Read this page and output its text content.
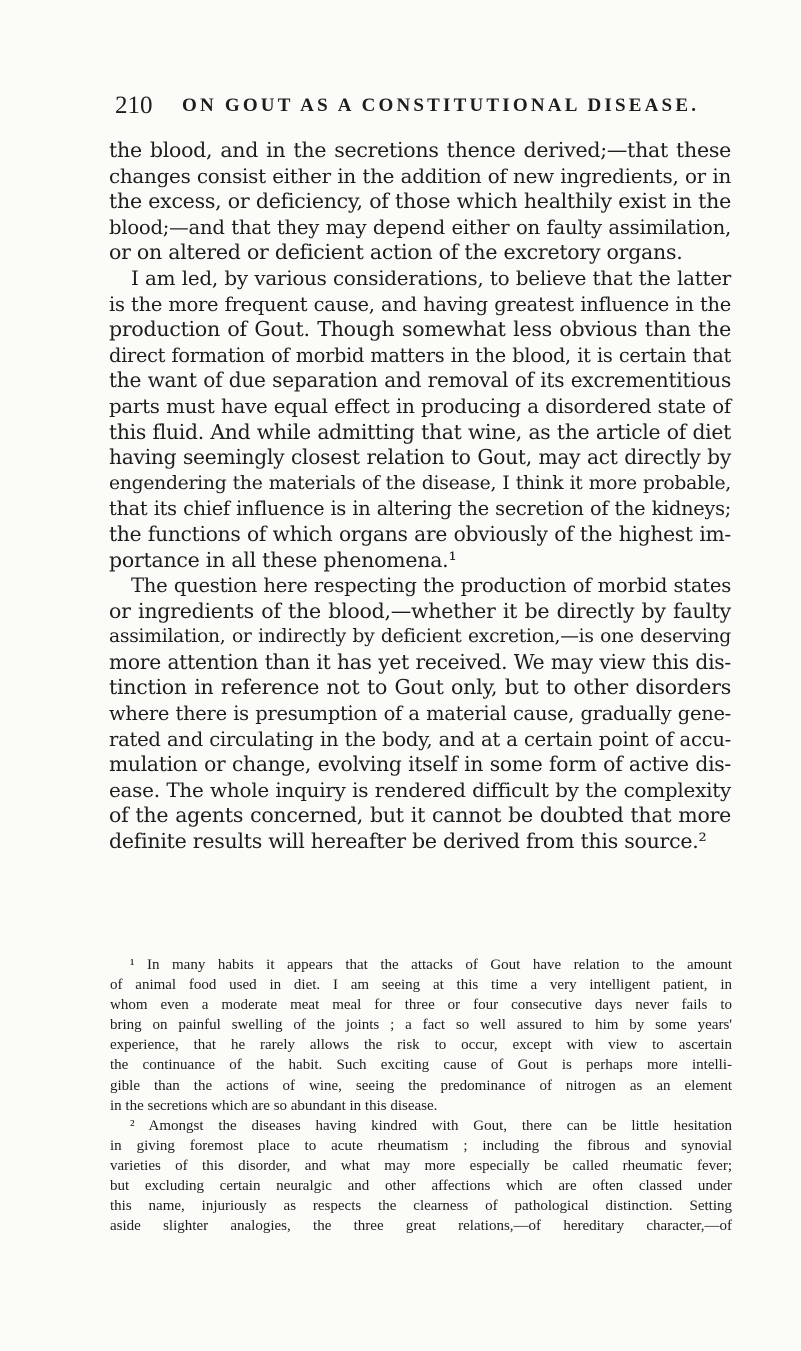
210 ON GOUT AS A CONSTITUTIONAL DISEASE.
the blood, and in the secretions thence derived;—that these
changes consist either in the addition of new ingredients, or in
the excess, or deficiency, of those which healthily exist in the
blood;—and that they may depend either on faulty assimilation,
or on altered or deficient action of the excretory organs.
I am led, by various considerations, to believe that the latter
is the more frequent cause, and having greatest influence in the
production of Gout. Though somewhat less obvious than the
direct formation of morbid matters in the blood, it is certain that
the want of due separation and removal of its excrementitious
parts must have equal effect in producing a disordered state of
this fluid. And while admitting that wine, as the article of diet
having seemingly closest relation to Gout, may act directly by
engendering the materials of the disease, I think it more probable,
that its chief influence is in altering the secretion of the kidneys;
the functions of which organs are obviously of the highest im-
portance in all these phenomena.¹
The question here respecting the production of morbid states
or ingredients of the blood,—whether it be directly by faulty
assimilation, or indirectly by deficient excretion,—is one deserving
more attention than it has yet received. We may view this dis-
tinction in reference not to Gout only, but to other disorders
where there is presumption of a material cause, gradually gene-
rated and circulating in the body, and at a certain point of accu-
mulation or change, evolving itself in some form of active dis-
ease. The whole inquiry is rendered difficult by the complexity
of the agents concerned, but it cannot be doubted that more
definite results will hereafter be derived from this source.²
¹ In many habits it appears that the attacks of Gout have relation to the amount
of animal food used in diet. I am seeing at this time a very intelligent patient, in
whom even a moderate meat meal for three or four consecutive days never fails to
bring on painful swelling of the joints ; a fact so well assured to him by some years'
experience, that he rarely allows the risk to occur, except with view to ascertain
the continuance of the habit. Such exciting cause of Gout is perhaps more intelli-
gible than the actions of wine, seeing the predominance of nitrogen as an element
in the secretions which are so abundant in this disease.
² Amongst the diseases having kindred with Gout, there can be little hesitation
in giving foremost place to acute rheumatism ; including the fibrous and synovial
varieties of this disorder, and what may more especially be called rheumatic fever;
but excluding certain neuralgic and other affections which are often classed under
this name, injuriously as respects the clearness of pathological distinction. Setting
aside slighter analogies, the three great relations,—of hereditary character,—of
